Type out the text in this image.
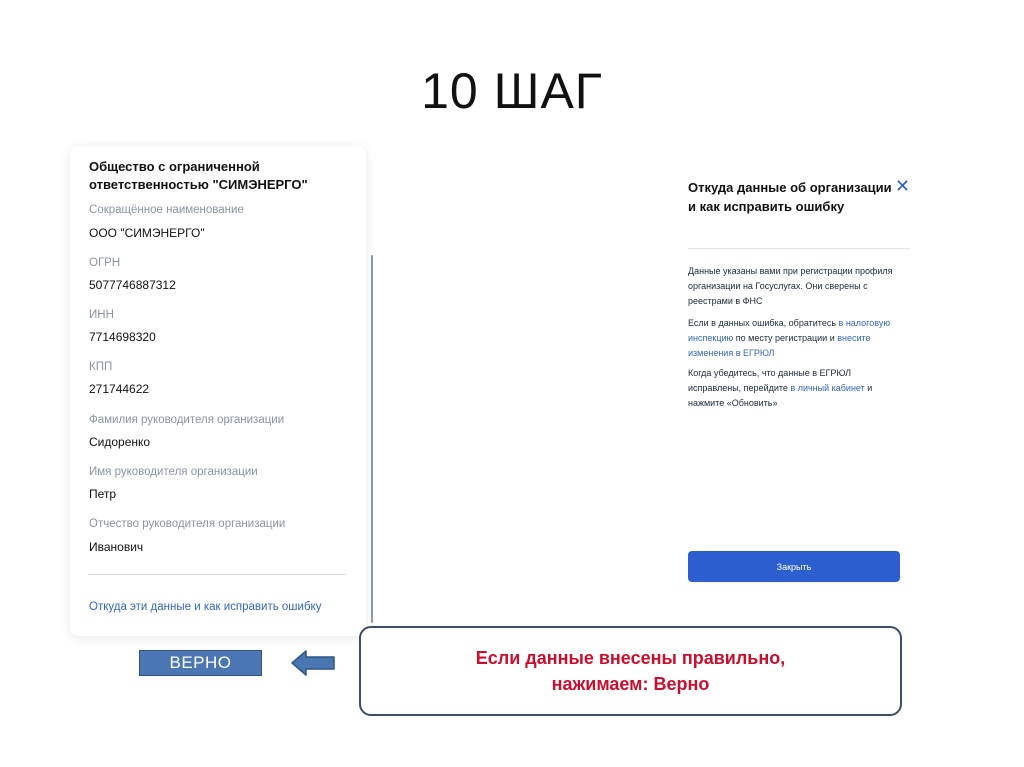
10 ШАГ
Общество с ограниченной ответственностью "СИМЭНЕРГО"
Сокращённое наименование
ООО "СИМЭНЕРГО"
ОГРН
5077746887312
ИНН
7714698320
КПП
271744622
Фамилия руководителя организации
Сидоренко
Имя руководителя организации
Петр
Отчество руководителя организации
Иванович
Откуда эти данные и как исправить ошибку
Откуда данные об организации и как исправить ошибку
✕
Данные указаны вами при регистрации профиля организации на Госуслугах. Они сверены с реестрами в ФНС
Если в данных ошибка, обратитесь в налоговую инспекцию по месту регистрации и внесите изменения в ЕГРЮЛ
Когда убедитесь, что данные в ЕГРЮЛ исправлены, перейдите в личный кабинет и нажмите «Обновить»
Закрыть
ВЕРНО	Если данные внесены правильно,
нажимаем: Верно
